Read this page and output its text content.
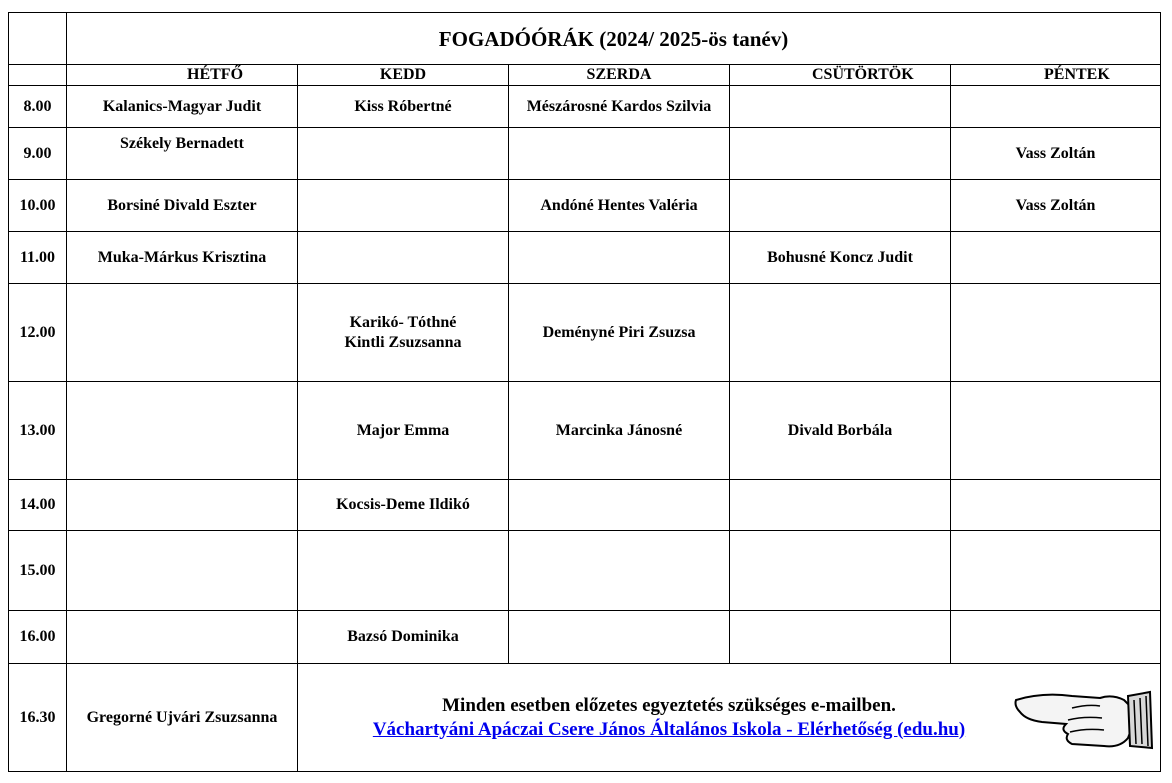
	FOGADÓÓRÁK (2024/ 2025-ös tanév)				
	HÉTFŐ	KEDD	SZERDA	CSÜTÖRTÖK	PÉNTEK
8.00	Kalanics-Magyar Judit	Kiss Róbertné	Mészárosné Kardos Szilvia		
9.00	Székely Bernadett				Vass Zoltán
10.00	Borsiné Divald Eszter		Andóné Hentes Valéria		Vass Zoltán
11.00	Muka-Márkus Krisztina			Bohusné Koncz Judit	
12.00		Karikó- Tóthné
Kintli Zsuzsanna	Deményné Piri Zsuzsa		
13.00		Major Emma	Marcinka Jánosné	Divald Borbála	
14.00		Kocsis-Deme Ildikó			
15.00					
16.00		Bazsó Dominika			
16.30	Gregorné Ujvári Zsuzsanna	Minden esetben előzetes egyeztetés szükséges e-mailben.
Váchartyáni Apáczai Csere János Általános Iskola - Elérhetőség (edu.hu)			
